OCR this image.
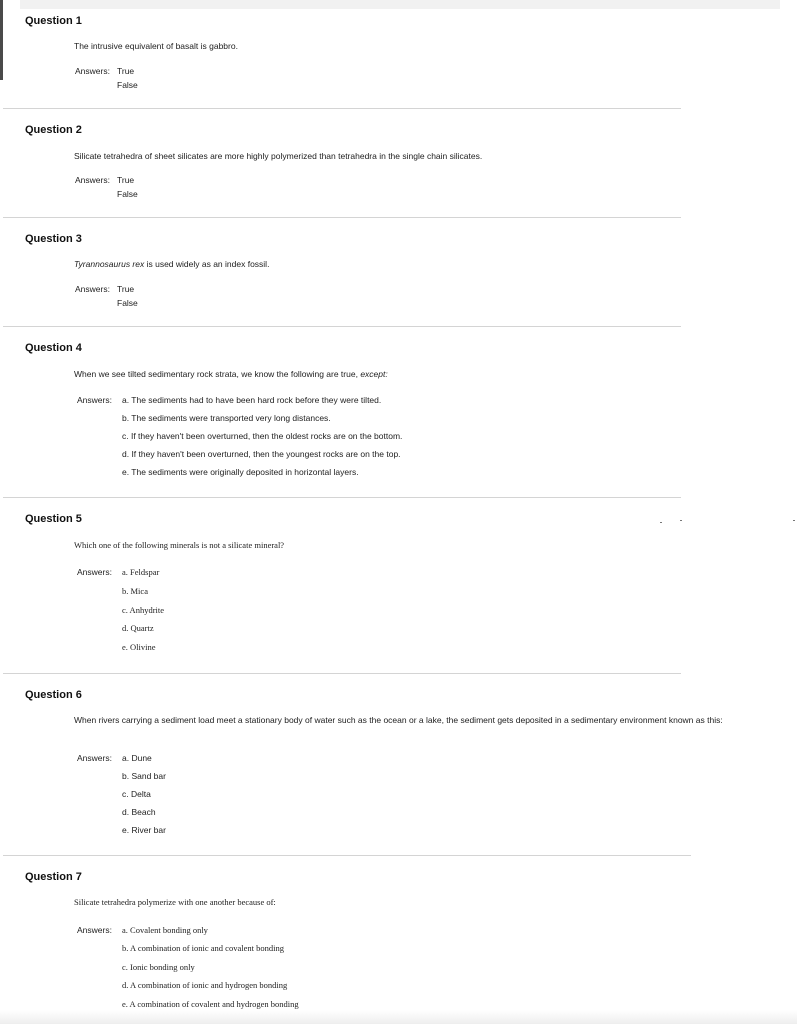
Question 1
The intrusive equivalent of basalt is gabbro.
Answers: True
False
Question 2
Silicate tetrahedra of sheet silicates are more highly polymerized than tetrahedra in the single chain silicates.
Answers: True
False
Question 3
Tyrannosaurus rex is used widely as an index fossil.
Answers: True
False
Question 4
When we see tilted sedimentary rock strata, we know the following are true, except:
Answers: a. The sediments had to have been hard rock before they were tilted.
b. The sediments were transported very long distances.
c. If they haven't been overturned, then the oldest rocks are on the bottom.
d. If they haven't been overturned, then the youngest rocks are on the top.
e. The sediments were originally deposited in horizontal layers.
Question 5
Which one of the following minerals is not a silicate mineral?
Answers: a. Feldspar
b. Mica
c. Anhydrite
d. Quartz
e. Olivine
Question 6
When rivers carrying a sediment load meet a stationary body of water such as the ocean or a lake, the sediment gets deposited in a sedimentary environment known as this:
Answers: a. Dune
b. Sand bar
c. Delta
d. Beach
e. River bar
Question 7
Silicate tetrahedra polymerize with one another because of:
Answers: a. Covalent bonding only
b. A combination of ionic and covalent bonding
c. Ionic bonding only
d. A combination of ionic and hydrogen bonding
e. A combination of covalent and hydrogen bonding
